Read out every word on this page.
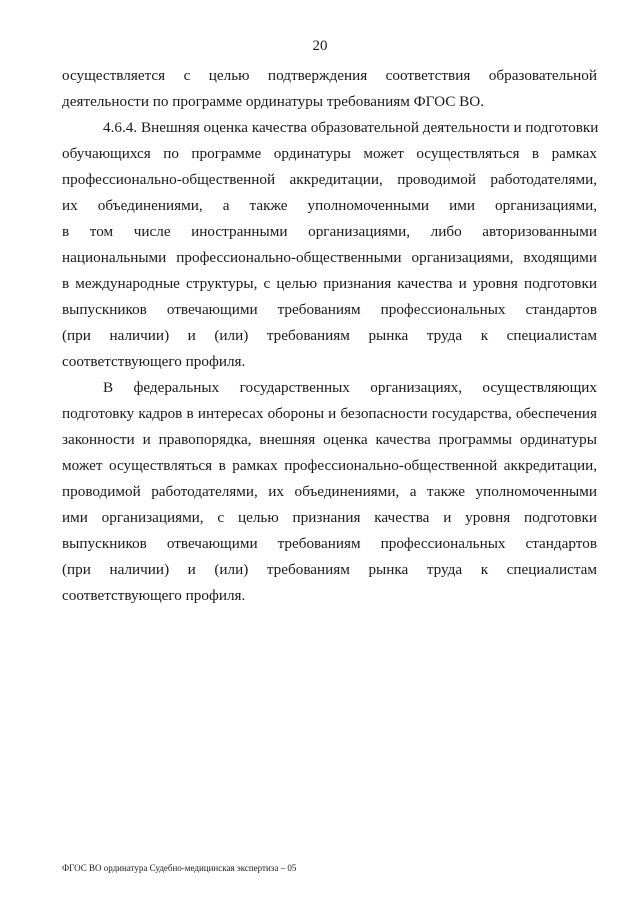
20
осуществляется с целью подтверждения соответствия образовательной
деятельности по программе ординатуры требованиям ФГОС ВО.
4.6.4. Внешняя оценка качества образовательной деятельности и подготовки
обучающихся по программе ординатуры может осуществляться в рамках
профессионально-общественной аккредитации, проводимой работодателями,
их объединениями, а также уполномоченными ими организациями,
в том числе иностранными организациями, либо авторизованными
национальными профессионально-общественными организациями, входящими
в международные структуры, с целью признания качества и уровня подготовки
выпускников отвечающими требованиям профессиональных стандартов
(при наличии) и (или) требованиям рынка труда к специалистам
соответствующего профиля.
В федеральных государственных организациях, осуществляющих
подготовку кадров в интересах обороны и безопасности государства, обеспечения
законности и правопорядка, внешняя оценка качества программы ординатуры
может осуществляться в рамках профессионально-общественной аккредитации,
проводимой работодателями, их объединениями, а также уполномоченными
ими организациями, с целью признания качества и уровня подготовки
выпускников отвечающими требованиям профессиональных стандартов
(при наличии) и (или) требованиям рынка труда к специалистам
соответствующего профиля.
ФГОС ВО ординатура Судебно-медицинская экспертиза – 05
